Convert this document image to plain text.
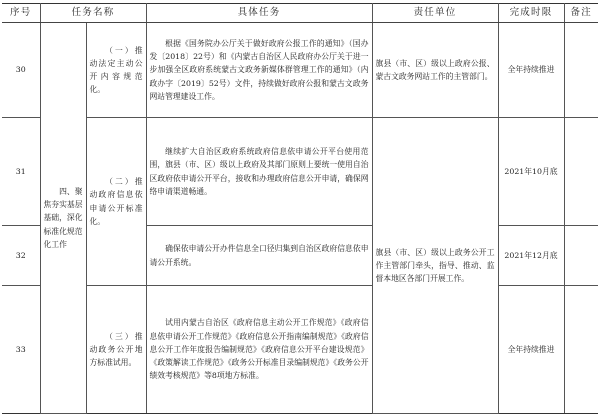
序号	任务名称		具体任务	责任单位	完成时限	备注
30	四、聚焦夯实基层基础，深化标准化规范化工作	（一）推动法定主动公开内容规范化。	根据《国务院办公厅关于做好政府公报工作的通知》（国办发〔2018〕22号）和《内蒙古自治区人民政府办公厅关于进一步加强全区政府系统蒙古文政务新媒体群管理工作的通知》（内政办字〔2019〕52号）文件，持续做好政府公报和蒙古文政务网站管理建设工作。	旗县（市、区）级以上政府公报、蒙古文政务网站工作的主管部门。	全年持续推进	
31		（二）推动政府信息依申请公开标准化。	继续扩大自治区政府系统政府信息依申请公开平台使用范围，旗县（市、区）级以上政府及其部门原则上要统一使用自治区政府依申请公开平台，接收和办理政府信息公开申请，确保网络申请渠道畅通。	旗县（市、区）级以上政务公开工作主管部门牵头，指导、推动、监督本地区各部门开展工作。	2021年10月底	
32			确保依申请公开办件信息全口径归集到自治区政府信息依申请公开系统。		2021年12月底	
33		（三）推动政务公开地方标准试用。	试用内蒙古自治区《政府信息主动公开工作规范》《政府信息依申请公开工作规范》《政府信息公开指南编制规范》《政府信息公开工作年度报告编制规范》《政府信息公开平台建设规范》《政策解读工作规范》《政务公开标准目录编制规范》《政务公开绩效考核规范》等8项地方标准。		全年持续推进	
